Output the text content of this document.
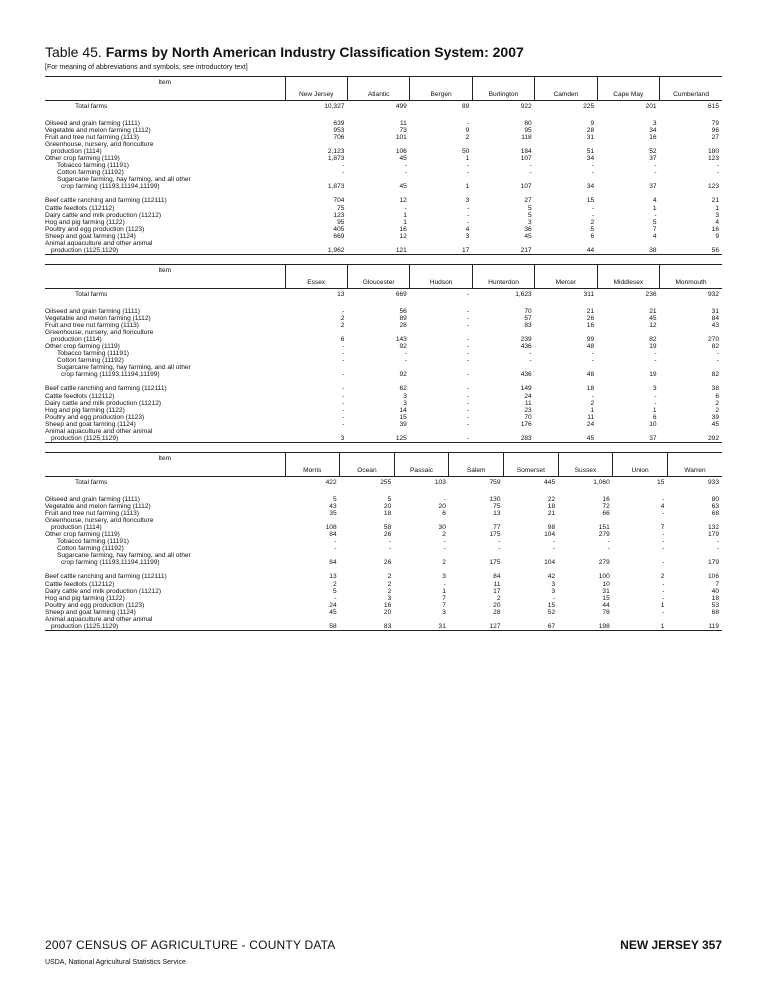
Table 45. Farms by North American Industry Classification System: 2007
[For meaning of abbreviations and symbols, see introductory text]
Item							
	New Jersey	Atlantic	Bergen	Burlington	Camden	Cape May	Cumberland
Total farms	10,327	499	89	922	225	201	615

Oilseed and grain farming (1111)	639	11	-	80	9	3	79
Vegetable and melon farming (1112)	953	73	9	95	28	34	96
Fruit and tree nut farming (1113)	706	101	2	118	31	16	27
Greenhouse, nursery, and floriculture							
production (1114)	2,123	106	50	184	51	52	180
Other crop farming (1119)	1,873	45	1	107	34	37	123
Tobacco farming (11191)	-	-	-	-	-	-	-
Cotton farming (11192)	-	-	-	-	-	-	-
Sugarcane farming, hay farming, and all other							
crop farming (11193,11194,11199)	1,873	45	1	107	34	37	123

Beef cattle ranching and farming (112111)	704	12	3	27	15	4	21
Cattle feedlots (112112)	75	-	-	5	-	1	1
Dairy cattle and milk production (11212)	123	1	-	5	-	-	3
Hog and pig farming (1122)	95	1	-	3	2	5	4
Poultry and egg production (1123)	405	16	4	36	5	7	16
Sheep and goat farming (1124)	669	12	3	45	6	4	9
Animal aquaculture and other animal							
production (1125,1129)	1,962	121	17	217	44	38	56
Item							
	Essex	Gloucester	Hudson	Hunterdon	Mercer	Middlesex	Monmouth
Total farms	13	669	-	1,623	311	236	932

Oilseed and grain farming (1111)	-	56	-	70	21	21	31
Vegetable and melon farming (1112)	2	89	-	57	26	45	84
Fruit and tree nut farming (1113)	2	28	-	83	16	12	43
Greenhouse, nursery, and floriculture							
production (1114)	6	143	-	239	99	82	270
Other crop farming (1119)	-	92	-	436	48	19	82
Tobacco farming (11191)	-	-	-	-	-	-	-
Cotton farming (11192)	-	-	-	-	-	-	-
Sugarcane farming, hay farming, and all other							
crop farming (11193,11194,11199)	-	92	-	436	48	19	82

Beef cattle ranching and farming (112111)	-	62	-	149	18	3	38
Cattle feedlots (112112)	-	3	-	24	-	-	6
Dairy cattle and milk production (11212)	-	3	-	11	2	-	2
Hog and pig farming (1122)	-	14	-	23	1	1	2
Poultry and egg production (1123)	-	15	-	70	11	6	39
Sheep and goat farming (1124)	-	39	-	176	24	10	45
Animal aquaculture and other animal							
production (1125,1129)	3	125	-	283	45	37	292
Item								
	Morris	Ocean	Passaic	Salem	Somerset	Sussex	Union	Warren
Total farms	422	255	103	759	445	1,060	15	933

Oilseed and grain farming (1111)	5	5	-	130	22	16	-	80
Vegetable and melon farming (1112)	43	20	20	75	18	72	4	63
Fruit and tree nut farming (1113)	35	18	6	13	21	66	-	68
Greenhouse, nursery, and floriculture								
production (1114)	108	58	30	77	98	151	7	132
Other crop farming (1119)	84	26	2	175	104	279	-	179
Tobacco farming (11191)	-	-	-	-	-	-	-	-
Cotton farming (11192)	-	-	-	-	-	-	-	-
Sugarcane farming, hay farming, and all other								
crop farming (11193,11194,11199)	84	26	2	175	104	279	-	179

Beef cattle ranching and farming (112111)	13	2	3	84	42	100	2	106
Cattle feedlots (112112)	2	2	-	11	3	10	-	7
Dairy cattle and milk production (11212)	5	2	1	17	3	31	-	40
Hog and pig farming (1122)	-	3	7	2	-	15	-	18
Poultry and egg production (1123)	24	16	7	20	15	44	1	53
Sheep and goat farming (1124)	45	20	3	28	52	78	-	68
Animal aquaculture and other animal								
production (1125,1129)	58	83	31	127	67	198	1	119
2007 CENSUS OF AGRICULTURE - COUNTY DATA	NEW JERSEY 357
USDA, National Agricultural Statistics Service
